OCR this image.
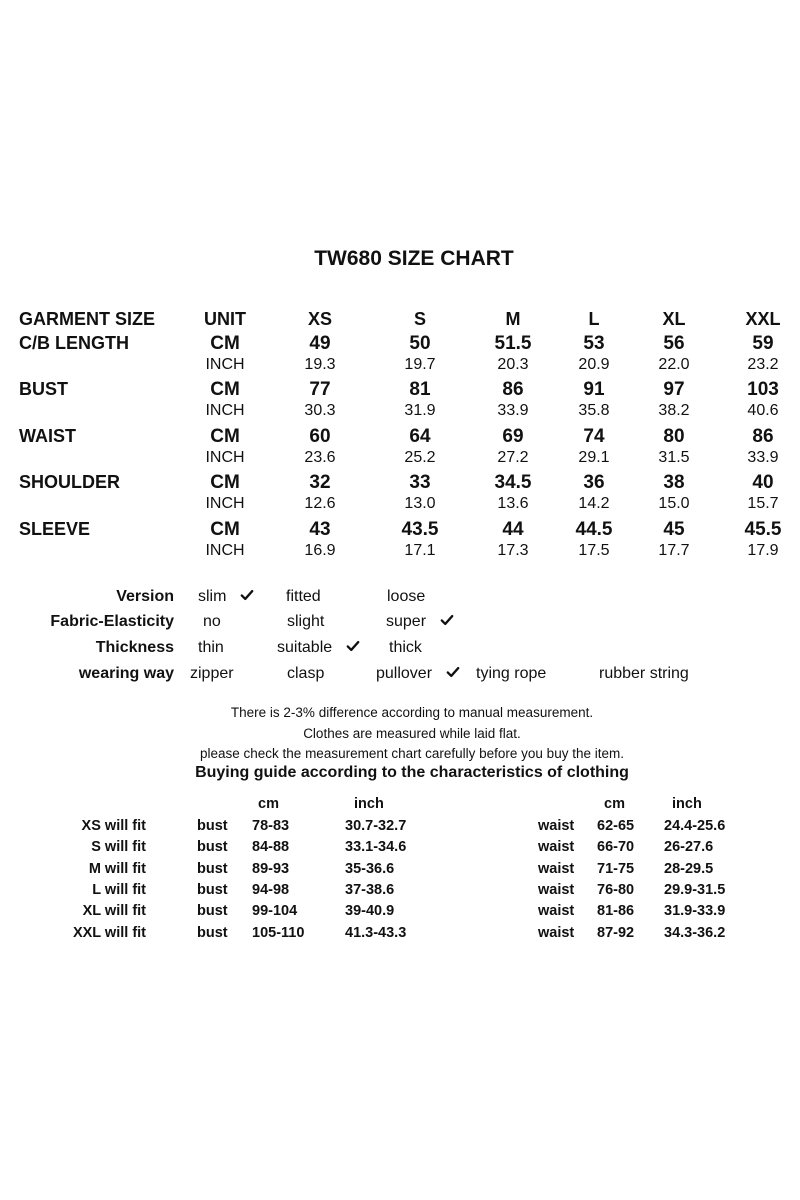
TW680 SIZE CHART
GARMENT SIZE	UNIT	XS	S	M	L	XL	XXL
C/B LENGTH	CM	49	50	51.5	53	56	59
INCH	19.3	19.7	20.3	20.9	22.0	23.2
BUST	CM	77	81	86	91	97	103
INCH	30.3	31.9	33.9	35.8	38.2	40.6
WAIST	CM	60	64	69	74	80	86
INCH	23.6	25.2	27.2	29.1	31.5	33.9
SHOULDER	CM	32	33	34.5	36	38	40
INCH	12.6	13.0	13.6	14.2	15.0	15.7
SLEEVE	CM	43	43.5	44	44.5	45	45.5
INCH	16.9	17.1	17.3	17.5	17.7	17.9
Version slim	fitted	loose
Fabric-Elasticity no	slight	super
Thickness thin	suitable	thick
wearing way zipper	clasp	pullover	tying rope	rubber string
There is 2-3% difference according to manual measurement.
Clothes are measured while laid flat.
please check the measurement chart carefully before you buy the item.
Buying guide according to the characteristics of clothing
cm	inch	cm	inch
XS will fit	bust 78-83	30.7-32.7	waist 62-65 24.4-25.6
S will fit	bust 84-88	33.1-34.6	waist 66-70 26-27.6
M will fit	bust 89-93	35-36.6	waist 71-75 28-29.5
L will fit	bust 94-98	37-38.6	waist 76-80 29.9-31.5
XL will fit	bust 99-104	39-40.9	waist 81-86 31.9-33.9
XXL will fit	bust 105-110	41.3-43.3	waist 87-92 34.3-36.2
